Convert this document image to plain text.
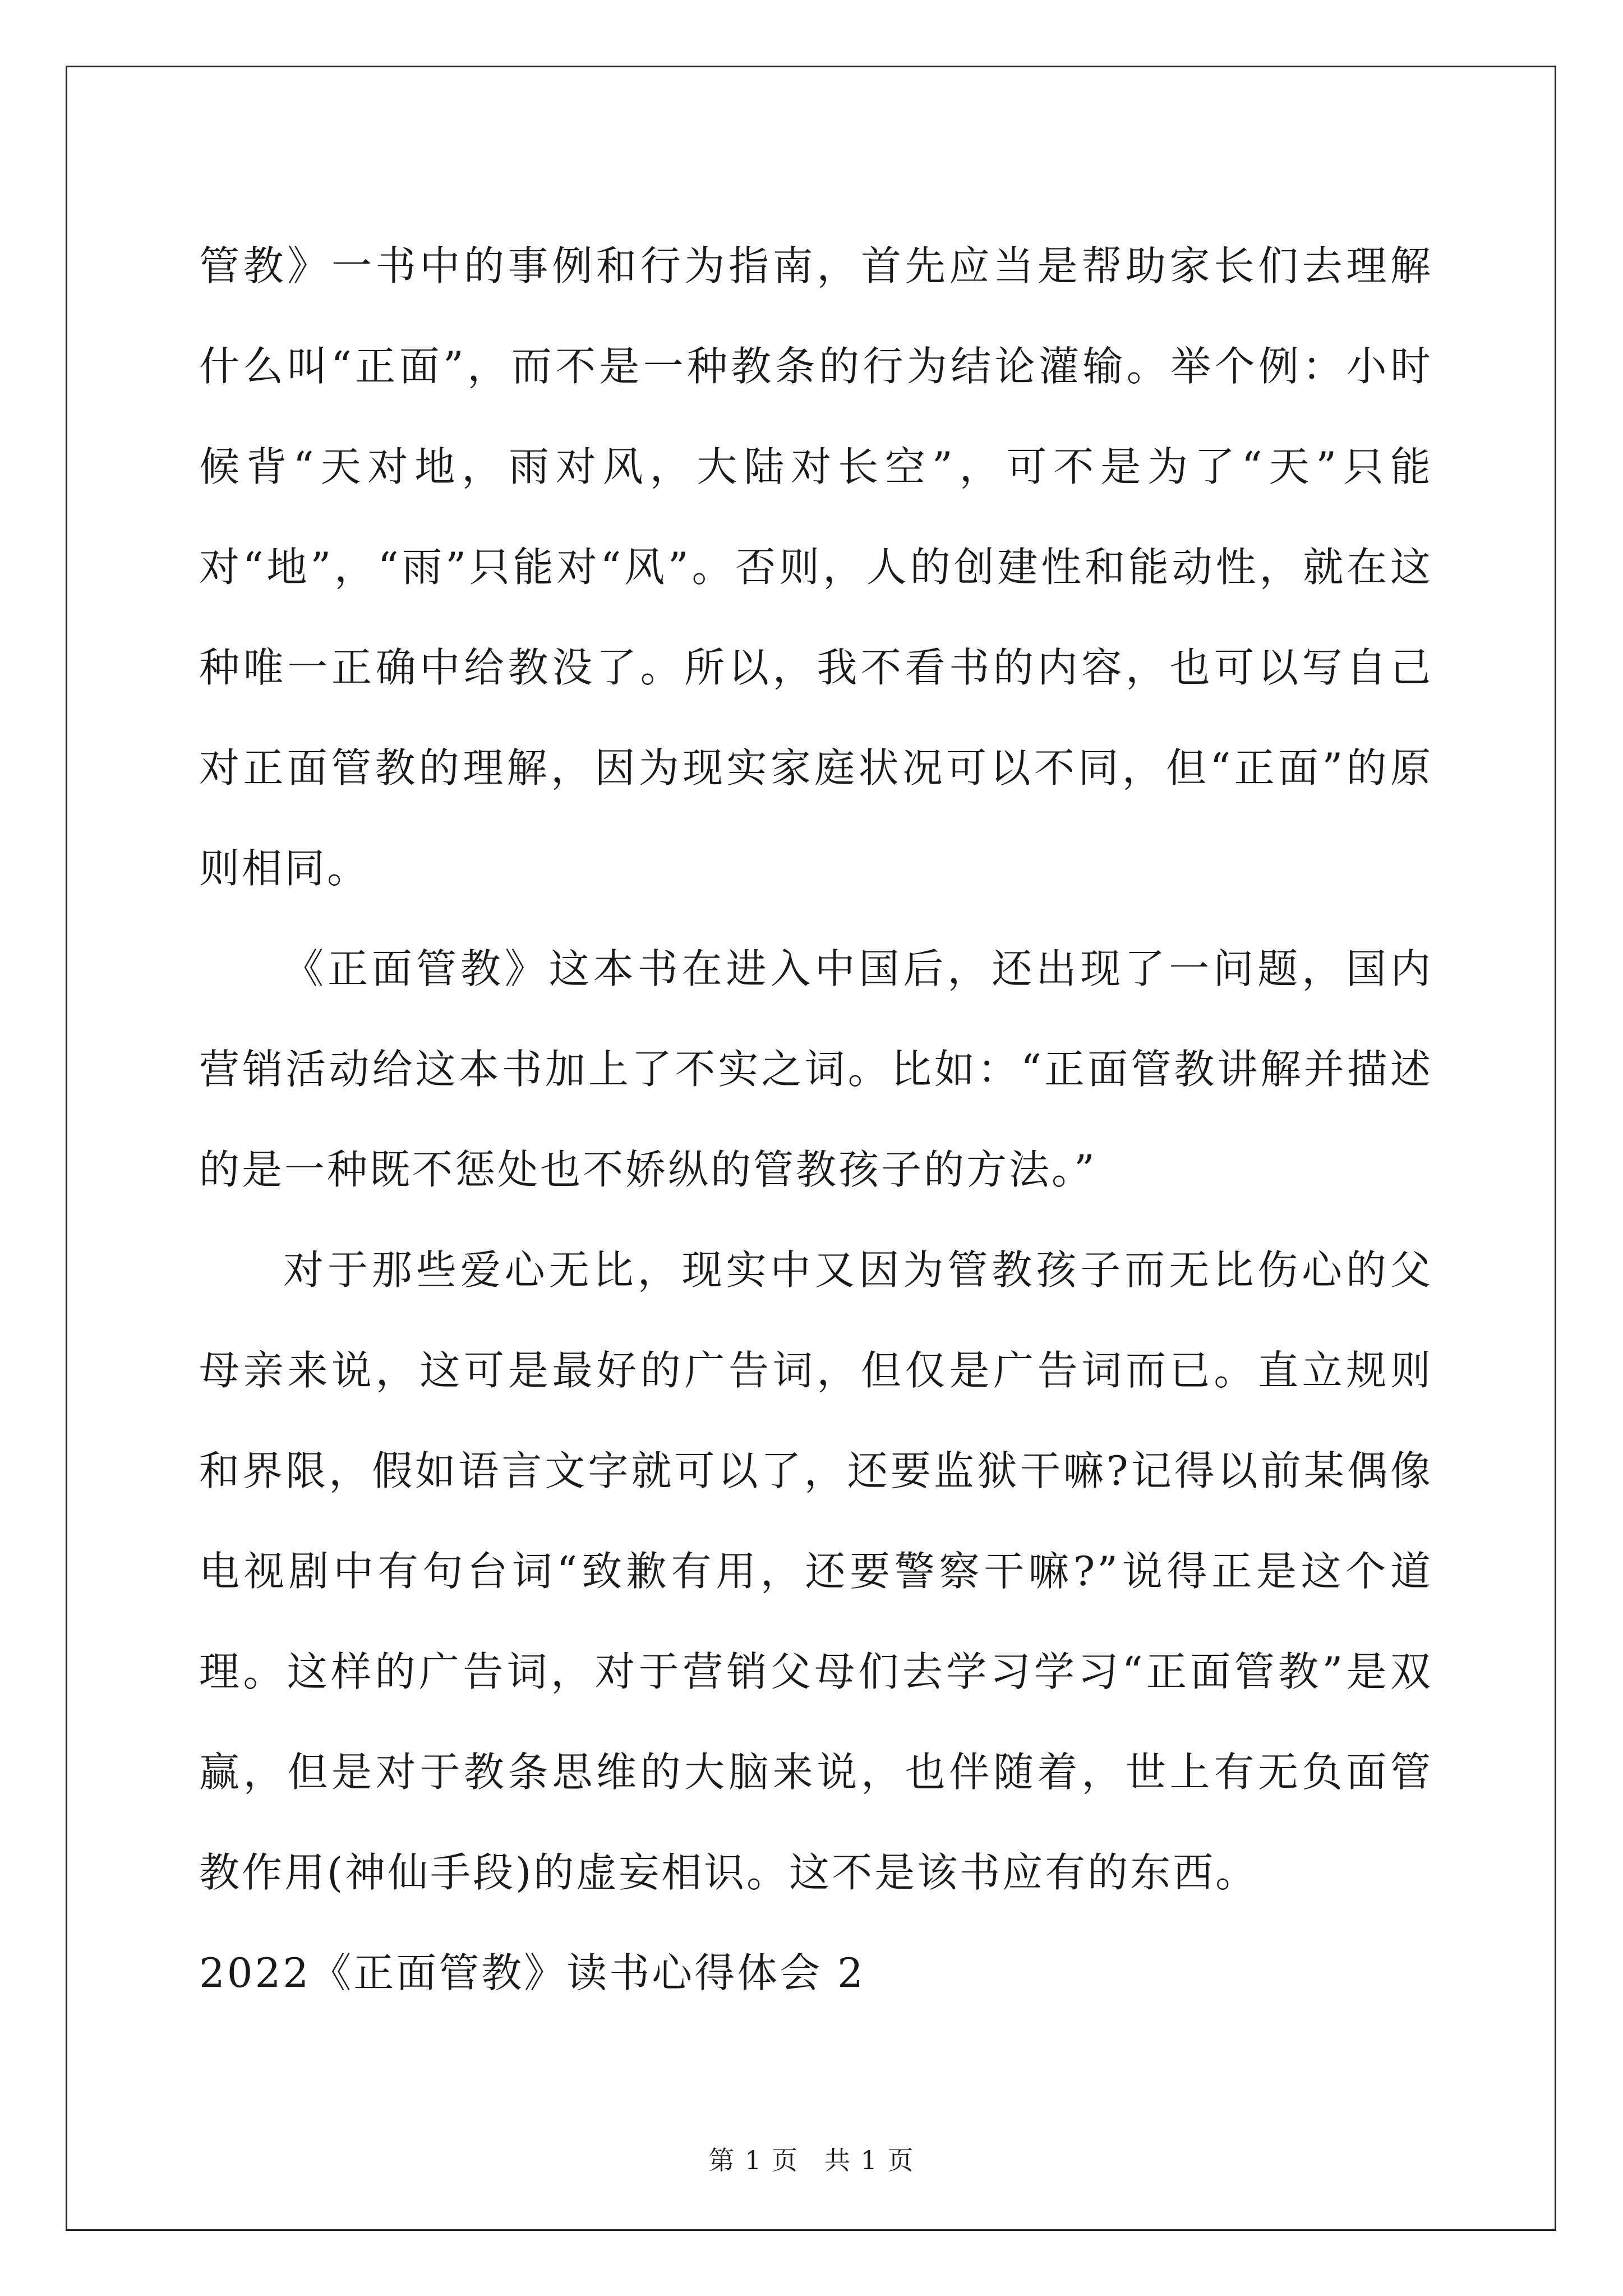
管教》一书中的事例和行为指南，首先应当是帮助家长们去理解什么叫“正面”，而不是一种教条的行为结论灌输。举个例：小时候背“天对地，雨对风，大陆对长空”，可不是为了“天”只能对“地”，“雨”只能对“风”。否则，人的创建性和能动性，就在这种唯一正确中给教没了。所以，我不看书的内容，也可以写自己对正面管教的理解，因为现实家庭状况可以不同，但“正面”的原则相同。

《正面管教》这本书在进入中国后，还出现了一问题，国内营销活动给这本书加上了不实之词。比如：“正面管教讲解并描述的是一种既不惩处也不娇纵的管教孩子的方法。”

对于那些爱心无比，现实中又因为管教孩子而无比伤心的父母亲来说，这可是最好的广告词，但仅是广告词而已。直立规则和界限，假如语言文字就可以了，还要监狱干嘛?记得以前某偶像电视剧中有句台词“致歉有用，还要警察干嘛?”说得正是这个道理。这样的广告词，对于营销父母们去学习学习“正面管教”是双赢，但是对于教条思维的大脑来说，也伴随着，世上有无负面管教作用(神仙手段)的虚妄相识。这不是该书应有的东西。

2022《正面管教》读书心得体会 2

第 1 页 共 1 页
